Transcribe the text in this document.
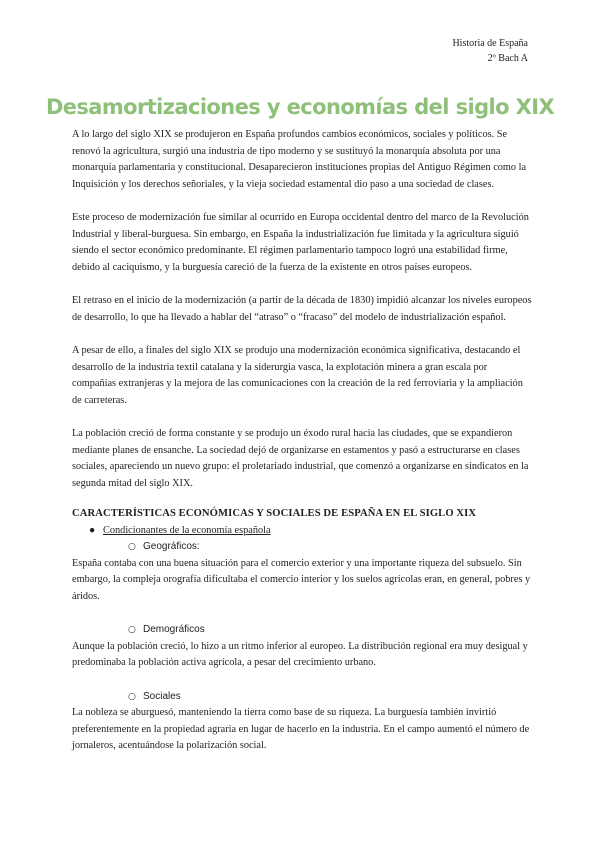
Historia de España
2º Bach A
Desamortizaciones y economías del siglo XIX

A lo largo del siglo XIX se produjeron en España profundos cambios económicos, sociales y políticos. Se renovó la agricultura, surgió una industria de tipo moderno y se sustituyó la monarquía absoluta por una monarquía parlamentaria y constitucional. Desaparecieron instituciones propias del Antiguo Régimen como la Inquisición y los derechos señoriales, y la vieja sociedad estamental dio paso a una sociedad de clases.

Este proceso de modernización fue similar al ocurrido en Europa occidental dentro del marco de la Revolución Industrial y liberal-burguesa. Sin embargo, en España la industrialización fue limitada y la agricultura siguió siendo el sector económico predominante. El régimen parlamentario tampoco logró una estabilidad firme, debido al caciquismo, y la burguesía careció de la fuerza de la existente en otros países europeos.

El retraso en el inicio de la modernización (a partir de la década de 1830) impidió alcanzar los niveles europeos de desarrollo, lo que ha llevado a hablar del “atraso” o “fracaso” del modelo de industrialización español.

A pesar de ello, a finales del siglo XIX se produjo una modernización económica significativa, destacando el desarrollo de la industria textil catalana y la siderurgia vasca, la explotación minera a gran escala por compañías extranjeras y la mejora de las comunicaciones con la creación de la red ferroviaria y la ampliación de carreteras.

La población creció de forma constante y se produjo un éxodo rural hacia las ciudades, que se expandieron mediante planes de ensanche. La sociedad dejó de organizarse en estamentos y pasó a estructurarse en clases sociales, apareciendo un nuevo grupo: el proletariado industrial, que comenzó a organizarse en sindicatos en la segunda mitad del siglo XIX.

CARACTERÍSTICAS ECONÓMICAS Y SOCIALES DE ESPAÑA EN EL SIGLO XIX
● Condicionantes de la economía española
○ Geográficos:

España contaba con una buena situación para el comercio exterior y una importante riqueza del subsuelo. Sin embargo, la compleja orografía dificultaba el comercio interior y los suelos agrícolas eran, en general, pobres y áridos.

○ Demográficos

Aunque la población creció, lo hizo a un ritmo inferior al europeo. La distribución regional era muy desigual y predominaba la población activa agrícola, a pesar del crecimiento urbano.

○ Sociales

La nobleza se aburguesó, manteniendo la tierra como base de su riqueza. La burguesía también invirtió preferentemente en la propiedad agraria en lugar de hacerlo en la industria. En el campo aumentó el número de jornaleros, acentuándose la polarización social.
